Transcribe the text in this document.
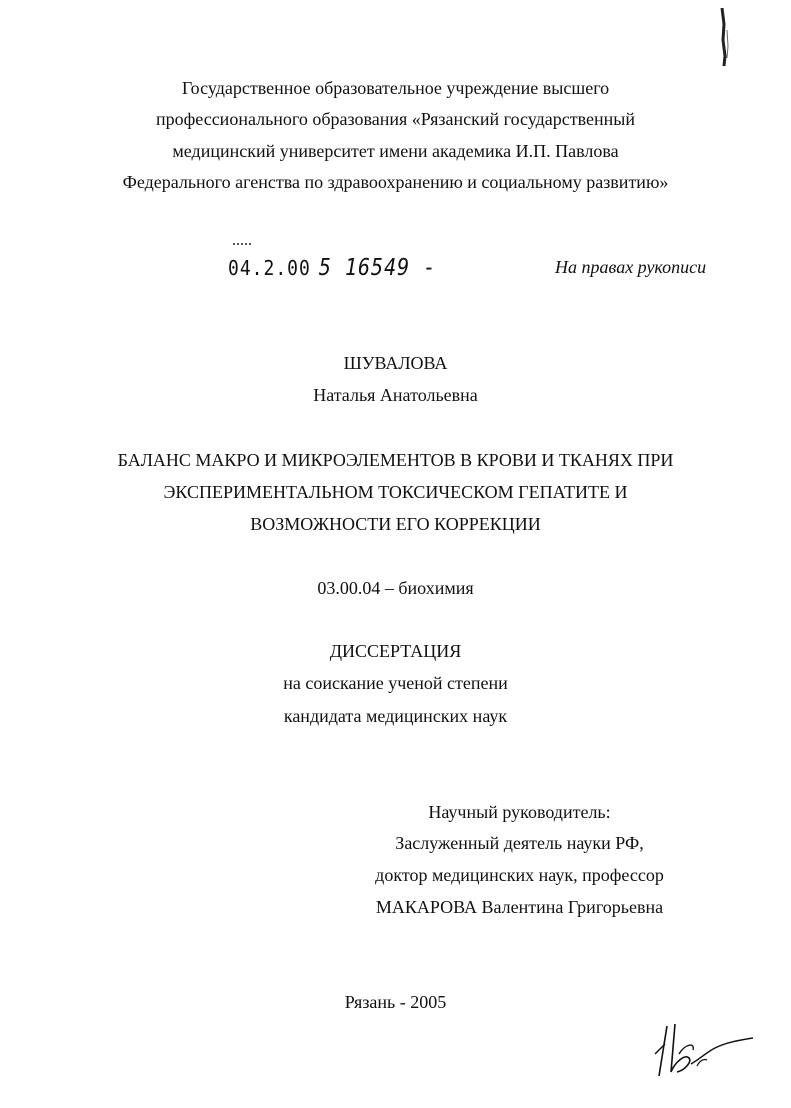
Государственное образовательное учреждение высшего
профессионального образования «Рязанский государственный
медицинский университет имени академика И.П. Павлова
Федерального агенства по здравоохранению и социальному развитию»
04.2.00 5 16549 -	На правах рукописи
ШУВАЛОВА
Наталья Анатольевна
БАЛАНС МАКРО И МИКРОЭЛЕМЕНТОВ В КРОВИ И ТКАНЯХ ПРИ
ЭКСПЕРИМЕНТАЛЬНОМ ТОКСИЧЕСКОМ ГЕПАТИТЕ И
ВОЗМОЖНОСТИ ЕГО КОРРЕКЦИИ
03.00.04 – биохимия
ДИССЕРТАЦИЯ
на соискание ученой степени
кандидата медицинских наук
Научный руководитель:
Заслуженный деятель науки РФ,
доктор медицинских наук, профессор
МАКАРОВА Валентина Григорьевна
Рязань - 2005
